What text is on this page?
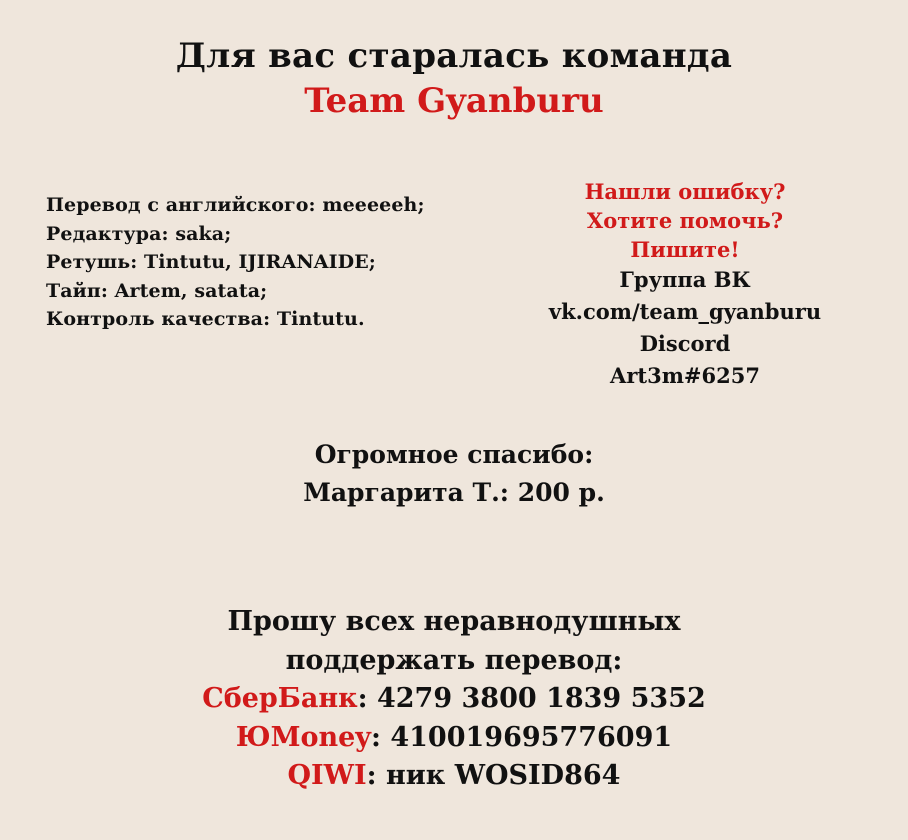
Для вас старалась команда
Team Gyanburu
Перевод с английского: meeeeeh;
Редактура: saka;
Ретушь: Tintutu, IJIRANAIDE;
Тайп: Artem, satata;
Контроль качества: Tintutu.
Нашли ошибку?
Хотите помочь?
Пишите!
Группа ВК
vk.com/team_gyanburu
Discord
Art3m#6257
Огромное спасибо:
Маргарита Т.: 200 р.
Прошу всех неравнодушных
поддержать перевод:
СберБанк: 4279 3800 1839 5352
ЮMoney: 410019695776091
QIWI: ник WOSID864
